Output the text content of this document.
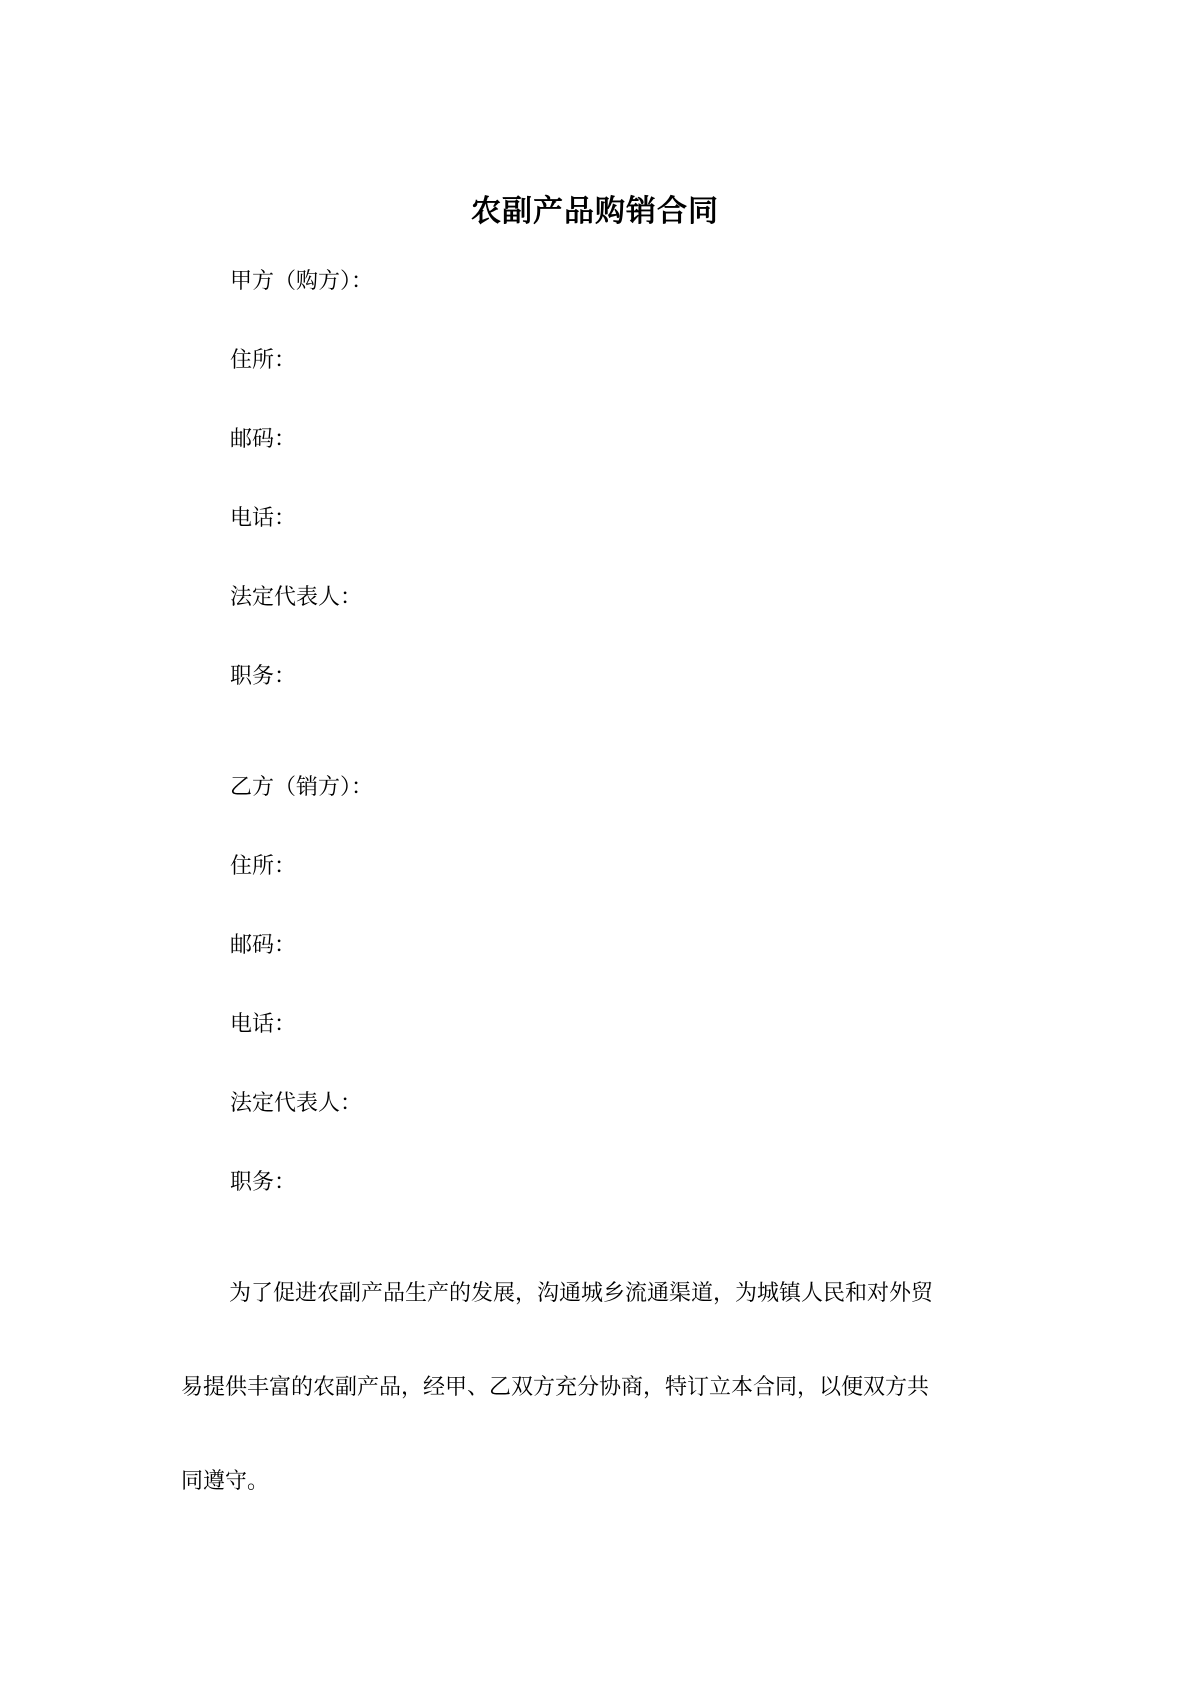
农副产品购销合同
甲方（购方）：
住所：
邮码：
电话：
法定代表人：
职务：
乙方（销方）：
住所：
邮码：
电话：
法定代表人：
职务：
为了促进农副产品生产的发展，沟通城乡流通渠道，为城镇人民和对外贸
易提供丰富的农副产品，经甲、乙双方充分协商，特订立本合同，以便双方共
同遵守。
